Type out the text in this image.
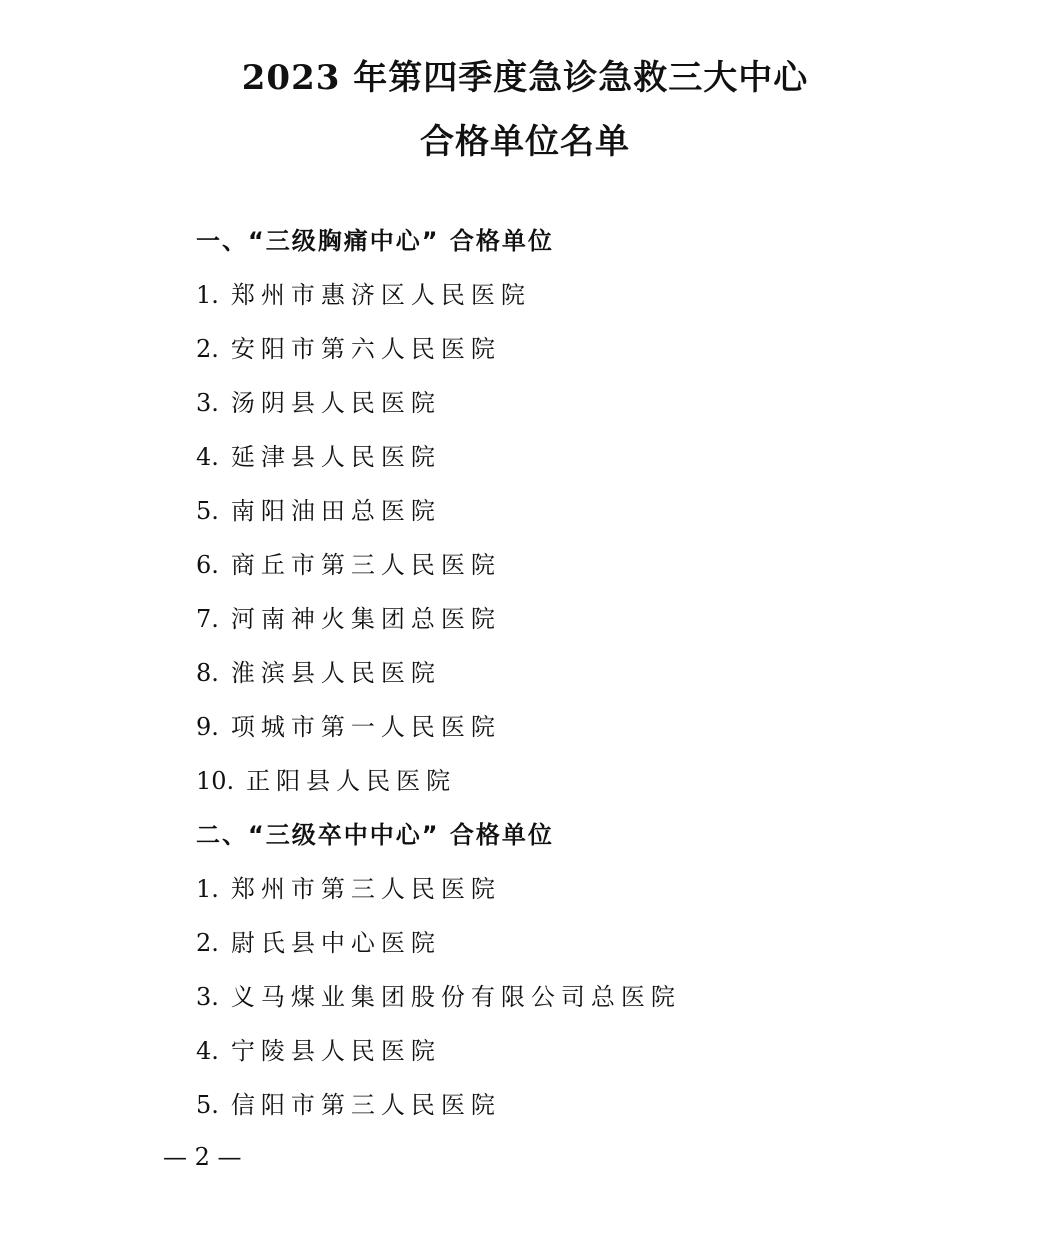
2023 年第四季度急诊急救三大中心
合格单位名单
一、“三级胸痛中心” 合格单位
1. 郑州市惠济区人民医院
2. 安阳市第六人民医院
3. 汤阴县人民医院
4. 延津县人民医院
5. 南阳油田总医院
6. 商丘市第三人民医院
7. 河南神火集团总医院
8. 淮滨县人民医院
9. 项城市第一人民医院
10. 正阳县人民医院
二、“三级卒中中心” 合格单位
1. 郑州市第三人民医院
2. 尉氏县中心医院
3. 义马煤业集团股份有限公司总医院
4. 宁陵县人民医院
5. 信阳市第三人民医院
— 2 —
